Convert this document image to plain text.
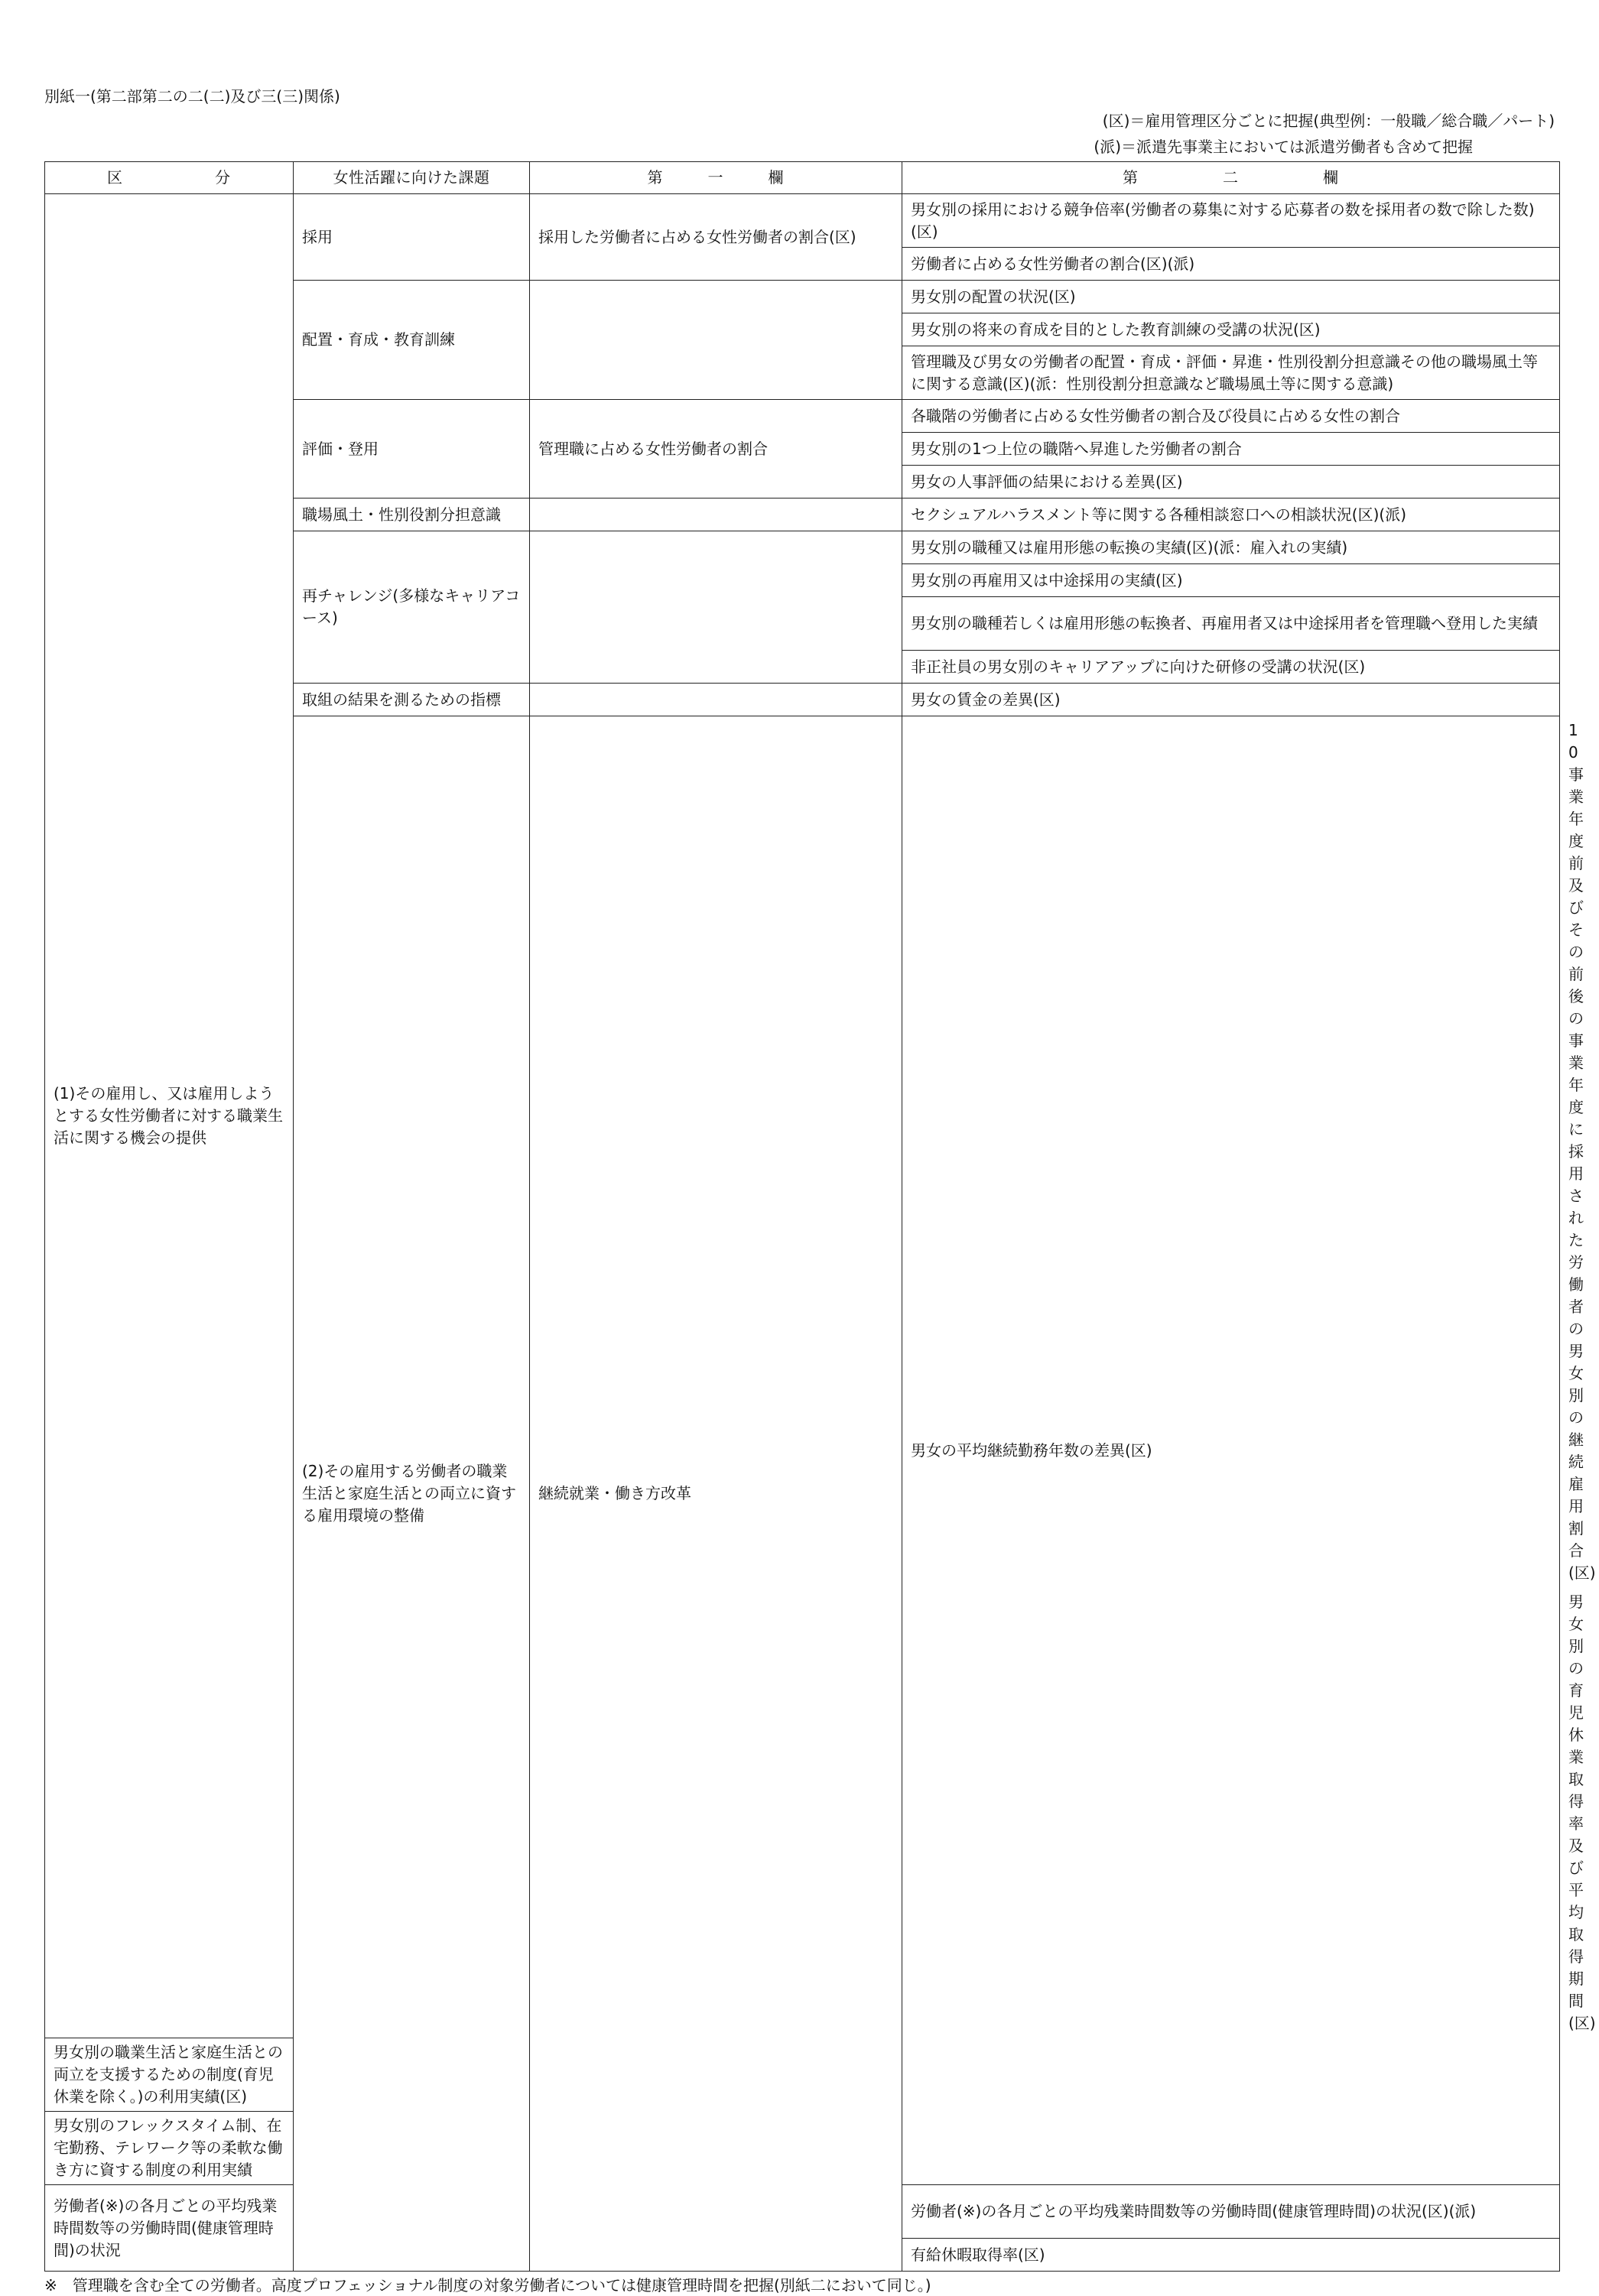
別紙一(第二部第二の二(二)及び三(三)関係)
(区)＝雇用管理区分ごとに把握(典型例：一般職／総合職／パート)
(派)＝派遣先事業主においては派遣労働者も含めて把握
区 分	女性活躍に向けた課題	第 一 欄	第 二 欄	
(1)その雇用し、又は雇用しようとする女性労働者に対する職業生活に関する機会の提供	採用	採用した労働者に占める女性労働者の割合(区)	男女別の採用における競争倍率(労働者の募集に対する応募者の数を採用者の数で除した数)(区)	
			労働者に占める女性労働者の割合(区)(派)	
	配置・育成・教育訓練		男女別の配置の状況(区)	
			男女別の将来の育成を目的とした教育訓練の受講の状況(区)	
			管理職及び男女の労働者の配置・育成・評価・昇進・性別役割分担意識その他の職場風土等に関する意識(区)(派：性別役割分担意識など職場風土等に関する意識)	
	評価・登用	管理職に占める女性労働者の割合	各職階の労働者に占める女性労働者の割合及び役員に占める女性の割合	
			男女別の1つ上位の職階へ昇進した労働者の割合	
			男女の人事評価の結果における差異(区)	
	職場風土・性別役割分担意識		セクシュアルハラスメント等に関する各種相談窓口への相談状況(区)(派)	
	再チャレンジ(多様なキャリアコース)		男女別の職種又は雇用形態の転換の実績(区)(派：雇入れの実績)	
			男女別の再雇用又は中途採用の実績(区)	
			男女別の職種若しくは雇用形態の転換者、再雇用者又は中途採用者を管理職へ登用した実績	
			非正社員の男女別のキャリアアップに向けた研修の受講の状況(区)	
	取組の結果を測るための指標		男女の賃金の差異(区)	
	(2)その雇用する労働者の職業生活と家庭生活との両立に資する雇用環境の整備	継続就業・働き方改革	男女の平均継続勤務年数の差異(区)	10事業年度前及びその前後の事業年度に採用された労働者の男女別の継続雇用割合(区)
				男女別の育児休業取得率及び平均取得期間(区)
男女別の職業生活と家庭生活との両立を支援するための制度(育児休業を除く。)の利用実績(区)				
男女別のフレックスタイム制、在宅勤務、テレワーク等の柔軟な働き方に資する制度の利用実績				
労働者(※)の各月ごとの平均残業時間数等の労働時間(健康管理時間)の状況			労働者(※)の各月ごとの平均残業時間数等の労働時間(健康管理時間)の状況(区)(派)	
			有給休暇取得率(区)	
※　管理職を含む全ての労働者。高度プロフェッショナル制度の対象労働者については健康管理時間を把握(別紙二において同じ。)
